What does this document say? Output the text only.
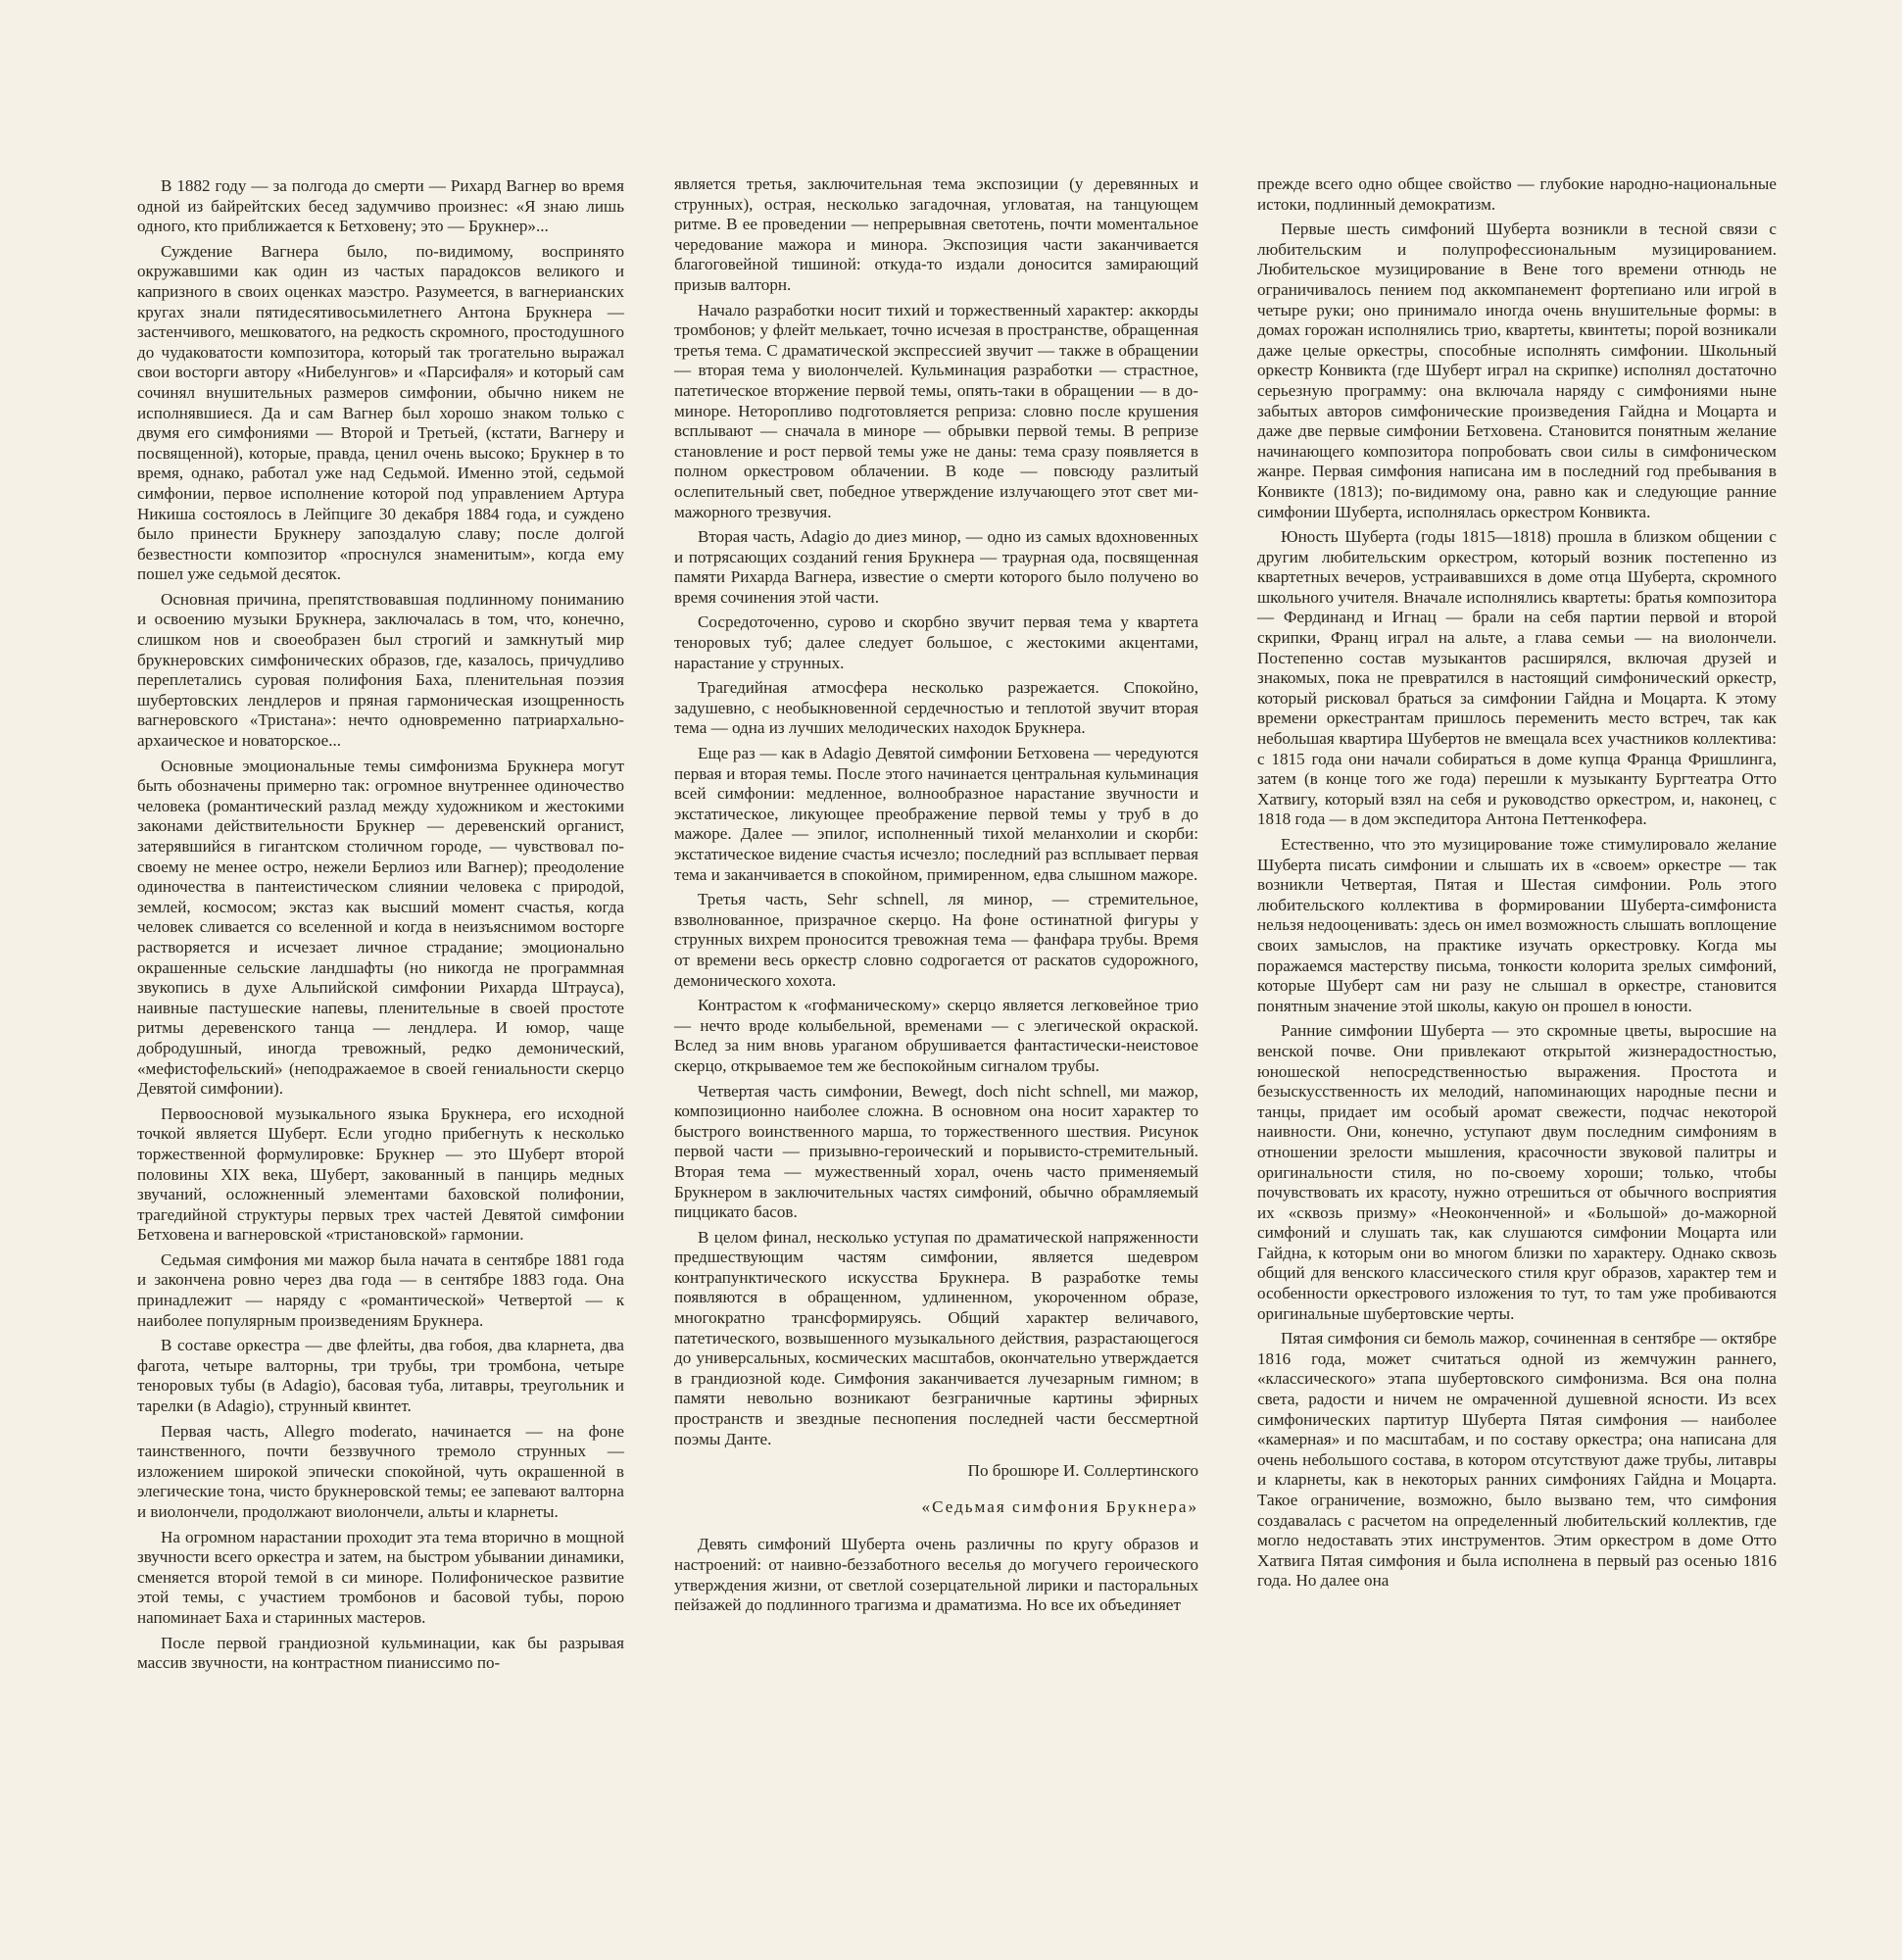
В 1882 году — за полгода до смерти — Рихард Вагнер во время одной из байрейтских бесед задумчиво произнес: «Я знаю лишь одного, кто приближается к Бетховену; это — Брукнер»...

Суждение Вагнера было, по-видимому, воспринято окружавшими как один из частых парадоксов великого и капризного в своих оценках маэстро. Разумеется, в вагнерианских кругах знали пятидесятивосьмилетнего Антона Брукнера — застенчивого, мешковатого, на редкость скромного, простодушного до чудаковатости композитора, который так трогательно выражал свои восторги автору «Нибелунгов» и «Парсифаля» и который сам сочинял внушительных размеров симфонии, обычно никем не исполнявшиеся. Да и сам Вагнер был хорошо знаком только с двумя его симфониями — Второй и Третьей, (кстати, Вагнеру и посвященной), которые, правда, ценил очень высоко; Брукнер в то время, однако, работал уже над Седьмой. Именно этой, седьмой симфонии, первое исполнение которой под управлением Артура Никиша состоялось в Лейпциге 30 декабря 1884 года, и суждено было принести Брукнеру запоздалую славу; после долгой безвестности композитор «проснулся знаменитым», когда ему пошел уже седьмой десяток.

Основная причина, препятствовавшая подлинному пониманию и освоению музыки Брукнера, заключалась в том, что, конечно, слишком нов и своеобразен был строгий и замкнутый мир брукнеровских симфонических образов, где, казалось, причудливо переплетались суровая полифония Баха, пленительная поэзия шубертовских лендлеров и пряная гармоническая изощренность вагнеровского «Тристана»: нечто одновременно патриархально-архаическое и новаторское...

Основные эмоциональные темы симфонизма Брукнера могут быть обозначены примерно так: огромное внутреннее одиночество человека (романтический разлад между художником и жестокими законами действительности Брукнер — деревенский органист, затерявшийся в гигантском столичном городе, — чувствовал по-своему не менее остро, нежели Берлиоз или Вагнер); преодоление одиночества в пантеистическом слиянии человека с природой, землей, космосом; экстаз как высший момент счастья, когда человек сливается со вселенной и когда в неизъяснимом восторге растворяется и исчезает личное страдание; эмоционально окрашенные сельские ландшафты (но никогда не программная звукопись в духе Альпийской симфонии Рихарда Штрауса), наивные пастушеские напевы, пленительные в своей простоте ритмы деревенского танца — лендлера. И юмор, чаще добродушный, иногда тревожный, редко демонический, «мефистофельский» (неподражаемое в своей гениальности скерцо Девятой симфонии).

Первоосновой музыкального языка Брукнера, его исходной точкой является Шуберт. Если угодно прибегнуть к несколько торжественной формулировке: Брукнер — это Шуберт второй половины XIX века, Шуберт, закованный в панцирь медных звучаний, осложненный элементами баховской полифонии, трагедийной структуры первых трех частей Девятой симфонии Бетховена и вагнеровской «тристановской» гармонии.

Седьмая симфония ми мажор была начата в сентябре 1881 года и закончена ровно через два года — в сентябре 1883 года. Она принадлежит — наряду с «романтической» Четвертой — к наиболее популярным произведениям Брукнера.

В составе оркестра — две флейты, два гобоя, два кларнета, два фагота, четыре валторны, три трубы, три тромбона, четыре теноровых тубы (в Adagio), басовая туба, литавры, треугольник и тарелки (в Adagio), струнный квинтет.

Первая часть, Allegro moderato, начинается — на фоне таинственного, почти беззвучного тремоло струнных — изложением широкой эпически спокойной, чуть окрашенной в элегические тона, чисто брукнеровской темы; ее запевают валторна и виолончели, продолжают виолончели, альты и кларнеты.

На огромном нарастании проходит эта тема вторично в мощной звучности всего оркестра и затем, на быстром убывании динамики, сменяется второй темой в си миноре. Полифоническое развитие этой темы, с участием тромбонов и басовой тубы, порою напоминает Баха и старинных мастеров.

После первой грандиозной кульминации, как бы разрывая массив звучности, на контрастном пианиссимо по-

является третья, заключительная тема экспозиции (у деревянных и струнных), острая, несколько загадочная, угловатая, на танцующем ритме. В ее проведении — непрерывная светотень, почти моментальное чередование мажора и минора. Экспозиция части заканчивается благоговейной тишиной: откуда-то издали доносится замирающий призыв валторн.

Начало разработки носит тихий и торжественный характер: аккорды тромбонов; у флейт мелькает, точно исчезая в пространстве, обращенная третья тема. С драматической экспрессией звучит — также в обращении — вторая тема у виолончелей. Кульминация разработки — страстное, патетическое вторжение первой темы, опять-таки в обращении — в до-миноре. Неторопливо подготовляется реприза: словно после крушения всплывают — сначала в миноре — обрывки первой темы. В репризе становление и рост первой темы уже не даны: тема сразу появляется в полном оркестровом облачении. В коде — повсюду разлитый ослепительный свет, победное утверждение излучающего этот свет ми-мажорного трезвучия.

Вторая часть, Adagio до диез минор, — одно из самых вдохновенных и потрясающих созданий гения Брукнера — траурная ода, посвященная памяти Рихарда Вагнера, известие о смерти которого было получено во время сочинения этой части.

Сосредоточенно, сурово и скорбно звучит первая тема у квартета теноровых туб; далее следует большое, с жестокими акцентами, нарастание у струнных.

Трагедийная атмосфера несколько разрежается. Спокойно, задушевно, с необыкновенной сердечностью и теплотой звучит вторая тема — одна из лучших мелодических находок Брукнера.

Еще раз — как в Adagio Девятой симфонии Бетховена — чередуются первая и вторая темы. После этого начинается центральная кульминация всей симфонии: медленное, волнообразное нарастание звучности и экстатическое, ликующее преображение первой темы у труб в до мажоре. Далее — эпилог, исполненный тихой меланхолии и скорби: экстатическое видение счастья исчезло; последний раз всплывает первая тема и заканчивается в спокойном, примиренном, едва слышном мажоре.

Третья часть, Sehr schnell, ля минор, — стремительное, взволнованное, призрачное скерцо. На фоне остинатной фигуры у струнных вихрем проносится тревожная тема — фанфара трубы. Время от времени весь оркестр словно содрогается от раскатов судорожного, демонического хохота.

Контрастом к «гофманическому» скерцо является легковейное трио — нечто вроде колыбельной, временами — с элегической окраской. Вслед за ним вновь ураганом обрушивается фантастически-неистовое скерцо, открываемое тем же беспокойным сигналом трубы.

Четвертая часть симфонии, Bewegt, doch nicht schnell, ми мажор, композиционно наиболее сложна. В основном она носит характер то быстрого воинственного марша, то торжественного шествия. Рисунок первой части — призывно-героический и порывисто-стремительный. Вторая тема — мужественный хорал, очень часто применяемый Брукнером в заключительных частях симфоний, обычно обрамляемый пиццикато басов.

В целом финал, несколько уступая по драматической напряженности предшествующим частям симфонии, является шедевром контрапунктического искусства Брукнера. В разработке темы появляются в обращенном, удлиненном, укороченном образе, многократно трансформируясь. Общий характер величавого, патетического, возвышенного музыкального действия, разрастающегося до универсальных, космических масштабов, окончательно утверждается в грандиозной коде. Симфония заканчивается лучезарным гимном; в памяти невольно возникают безграничные картины эфирных пространств и звездные песнопения последней части бессмертной поэмы Данте.

По брошюре И. Соллертинского

«Седьмая симфония Брукнера»

Девять симфоний Шуберта очень различны по кругу образов и настроений: от наивно-беззаботного веселья до могучего героического утверждения жизни, от светлой созерцательной лирики и пасторальных пейзажей до подлинного трагизма и драматизма. Но все их объединяет

прежде всего одно общее свойство — глубокие народно-национальные истоки, подлинный демократизм.

Первые шесть симфоний Шуберта возникли в тесной связи с любительским и полупрофессиональным музицированием. Любительское музицирование в Вене того времени отнюдь не ограничивалось пением под аккомпанемент фортепиано или игрой в четыре руки; оно принимало иногда очень внушительные формы: в домах горожан исполнялись трио, квартеты, квинтеты; порой возникали даже целые оркестры, способные исполнять симфонии. Школьный оркестр Конвикта (где Шуберт играл на скрипке) исполнял достаточно серьезную программу: она включала наряду с симфониями ныне забытых авторов симфонические произведения Гайдна и Моцарта и даже две первые симфонии Бетховена. Становится понятным желание начинающего композитора попробовать свои силы в симфоническом жанре. Первая симфония написана им в последний год пребывания в Конвикте (1813); по-видимому она, равно как и следующие ранние симфонии Шуберта, исполнялась оркестром Конвикта.

Юность Шуберта (годы 1815—1818) прошла в близком общении с другим любительским оркестром, который возник постепенно из квартетных вечеров, устраивавшихся в доме отца Шуберта, скромного школьного учителя. Вначале исполнялись квартеты: братья композитора — Фердинанд и Игнац — брали на себя партии первой и второй скрипки, Франц играл на альте, а глава семьи — на виолончели. Постепенно состав музыкантов расширялся, включая друзей и знакомых, пока не превратился в настоящий симфонический оркестр, который рисковал браться за симфонии Гайдна и Моцарта. К этому времени оркестрантам пришлось переменить место встреч, так как небольшая квартира Шубертов не вмещала всех участников коллектива: с 1815 года они начали собираться в доме купца Франца Фришлинга, затем (в конце того же года) перешли к музыканту Бургтеатра Отто Хатвигу, который взял на себя и руководство оркестром, и, наконец, с 1818 года — в дом экспедитора Антона Петтенкофера.

Естественно, что это музицирование тоже стимулировало желание Шуберта писать симфонии и слышать их в «своем» оркестре — так возникли Четвертая, Пятая и Шестая симфонии. Роль этого любительского коллектива в формировании Шуберта-симфониста нельзя недооценивать: здесь он имел возможность слышать воплощение своих замыслов, на практике изучать оркестровку. Когда мы поражаемся мастерству письма, тонкости колорита зрелых симфоний, которые Шуберт сам ни разу не слышал в оркестре, становится понятным значение этой школы, какую он прошел в юности.

Ранние симфонии Шуберта — это скромные цветы, выросшие на венской почве. Они привлекают открытой жизнерадостностью, юношеской непосредственностью выражения. Простота и безыскусственность их мелодий, напоминающих народные песни и танцы, придает им особый аромат свежести, подчас некоторой наивности. Они, конечно, уступают двум последним симфониям в отношении зрелости мышления, красочности звуковой палитры и оригинальности стиля, но по-своему хороши; только, чтобы почувствовать их красоту, нужно отрешиться от обычного восприятия их «сквозь призму» «Неоконченной» и «Большой» до-мажорной симфоний и слушать так, как слушаются симфонии Моцарта или Гайдна, к которым они во многом близки по характеру. Однако сквозь общий для венского классического стиля круг образов, характер тем и особенности оркестрового изложения то тут, то там уже пробиваются оригинальные шубертовские черты.

Пятая симфония си бемоль мажор, сочиненная в сентябре — октябре 1816 года, может считаться одной из жемчужин раннего, «классического» этапа шубертовского симфонизма. Вся она полна света, радости и ничем не омраченной душевной ясности. Из всех симфонических партитур Шуберта Пятая симфония — наиболее «камерная» и по масштабам, и по составу оркестра; она написана для очень небольшого состава, в котором отсутствуют даже трубы, литавры и кларнеты, как в некоторых ранних симфониях Гайдна и Моцарта. Такое ограничение, возможно, было вызвано тем, что симфония создавалась с расчетом на определенный любительский коллектив, где могло недоставать этих инструментов. Этим оркестром в доме Отто Хатвига Пятая симфония и была исполнена в первый раз осенью 1816 года. Но далее она
